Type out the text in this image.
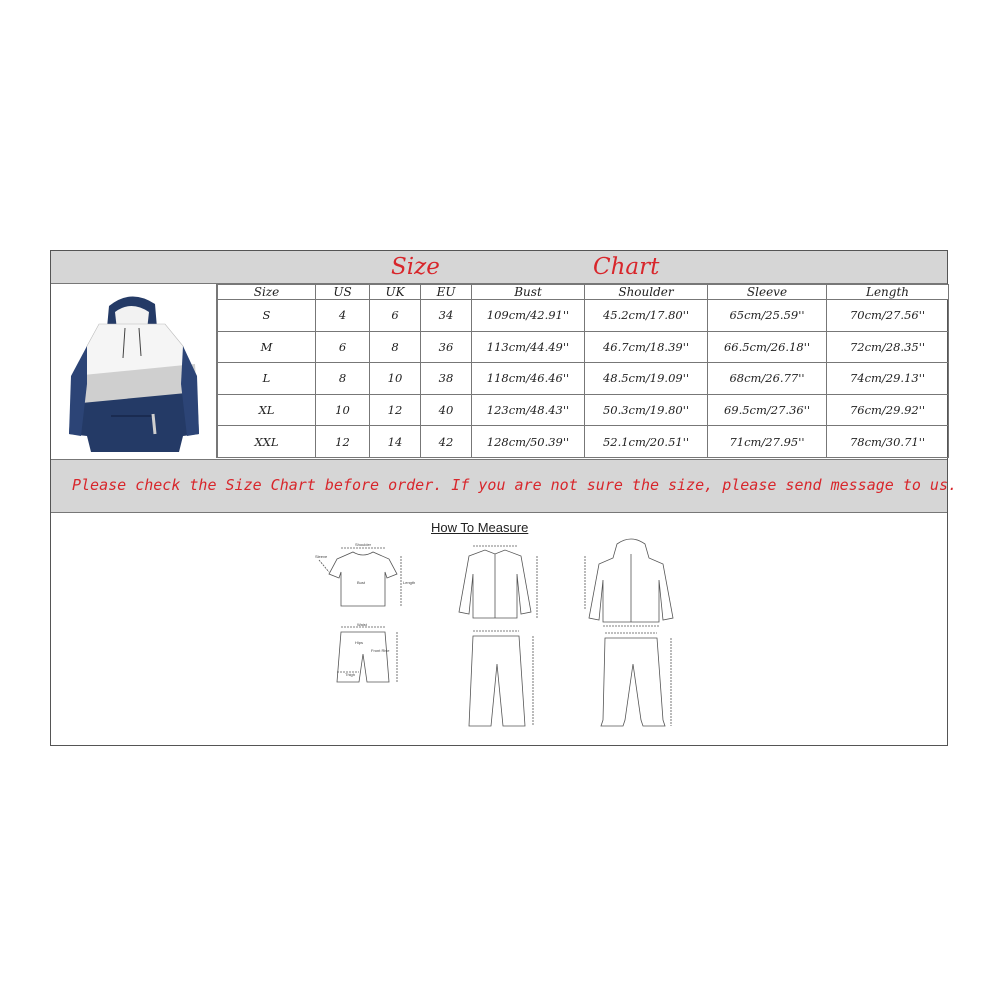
Size	Chart
Size	US	UK	EU	Bust	Shoulder	Sleeve	Length
S	4	6	34	109cm/42.91''	45.2cm/17.80''	65cm/25.59''	70cm/27.56''
M	6	8	36	113cm/44.49''	46.7cm/18.39''	66.5cm/26.18''	72cm/28.35''
L	8	10	38	118cm/46.46''	48.5cm/19.09''	68cm/26.77''	74cm/29.13''
XL	10	12	40	123cm/48.43''	50.3cm/19.80''	69.5cm/27.36''	76cm/29.92''
XXL	12	14	42	128cm/50.39''	52.1cm/20.51''	71cm/27.95''	78cm/30.71''
Please check the Size Chart before order. If you are not sure the size, please send message to us.
How To Measure
Shoulder
Sleeve
Bust	Length
Waist
Hips
Front Rise
Thigh
